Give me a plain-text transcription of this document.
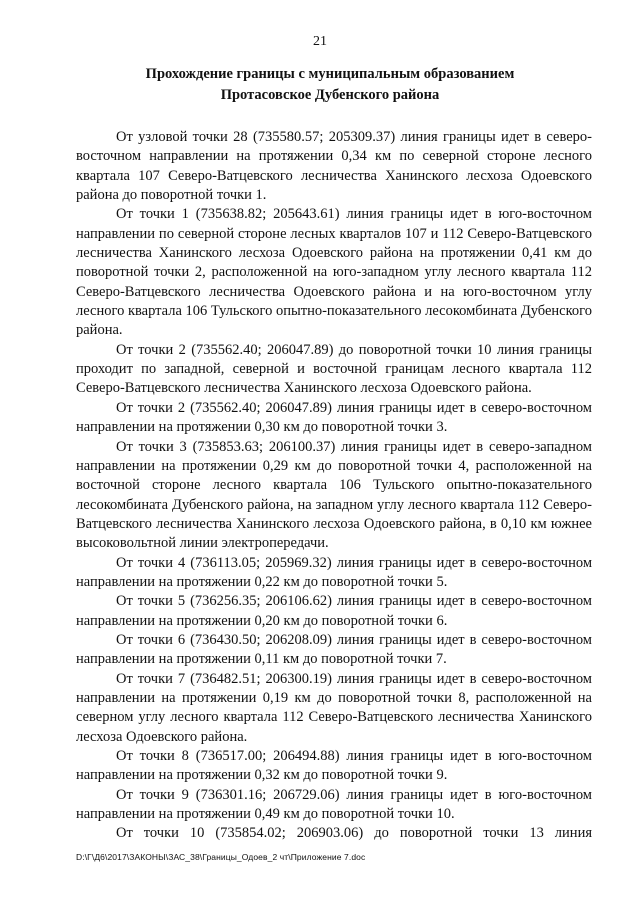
21
Прохождение границы с муниципальным образованием
Протасовское Дубенского района

От узловой точки 28 (735580.57; 205309.37) линия границы идет в северо-восточном направлении на протяжении 0,34 км по северной стороне лесного квартала 107 Северо-Ватцевского лесничества Ханинского лесхоза Одоевского района до поворотной точки 1.

От точки 1 (735638.82; 205643.61) линия границы идет в юго-восточном направлении по северной стороне лесных кварталов 107 и 112 Северо-Ватцевского лесничества Ханинского лесхоза Одоевского района на протяжении 0,41 км до поворотной точки 2, расположенной на юго-западном углу лесного квартала 112 Северо-Ватцевского лесничества Одоевского района и на юго-восточном углу лесного квартала 106 Тульского опытно-показательного лесокомбината Дубенского района.

От точки 2 (735562.40; 206047.89) до поворотной точки 10 линия границы проходит по западной, северной и восточной границам лесного квартала 112 Северо-Ватцевского лесничества Ханинского лесхоза Одоевского района.

От точки 2 (735562.40; 206047.89) линия границы идет в северо-восточном направлении на протяжении 0,30 км до поворотной точки 3.

От точки 3 (735853.63; 206100.37) линия границы идет в северо-западном направлении на протяжении 0,29 км до поворотной точки 4, расположенной на восточной стороне лесного квартала 106 Тульского опытно-показательного лесокомбината Дубенского района, на западном углу лесного квартала 112 Северо-Ватцевского лесничества Ханинского лесхоза Одоевского района, в 0,10 км южнее высоковольтной линии электропередачи.

От точки 4 (736113.05; 205969.32) линия границы идет в северо-восточном направлении на протяжении 0,22 км до поворотной точки 5.

От точки 5 (736256.35; 206106.62) линия границы идет в северо-восточном направлении на протяжении 0,20 км до поворотной точки 6.

От точки 6 (736430.50; 206208.09) линия границы идет в северо-восточном направлении на протяжении 0,11 км до поворотной точки 7.

От точки 7 (736482.51; 206300.19) линия границы идет в северо-восточном направлении на протяжении 0,19 км до поворотной точки 8, расположенной на северном углу лесного квартала 112 Северо-Ватцевского лесничества Ханинского лесхоза Одоевского района.

От точки 8 (736517.00; 206494.88) линия границы идет в юго-восточном направлении на протяжении 0,32 км до поворотной точки 9.

От точки 9 (736301.16; 206729.06) линия границы идет в юго-восточном направлении на протяжении 0,49 км до поворотной точки 10.

От точки 10 (735854.02; 206903.06) до поворотной точки 13 линия

D:\Г\Д6\2017\ЗАКОНЫ\ЗАС_38\Границы_Одоев_2 чт\Приложение 7.doc
